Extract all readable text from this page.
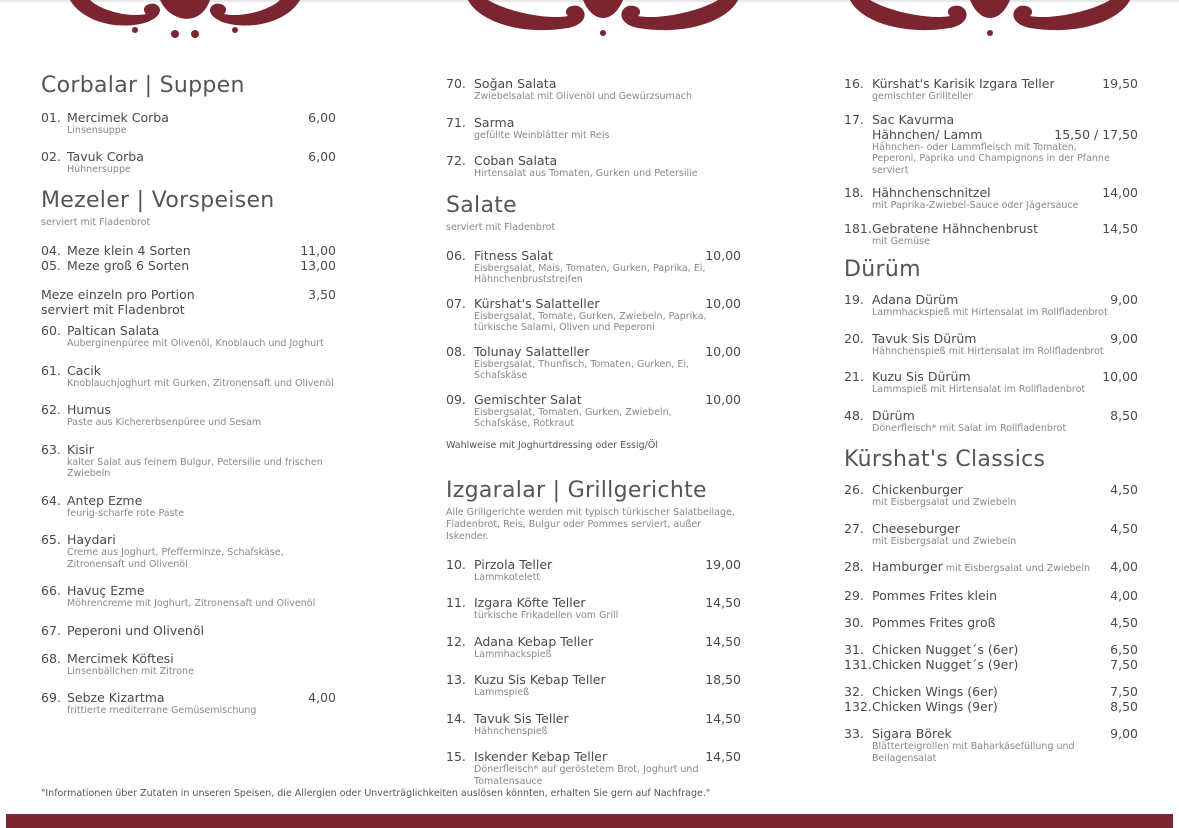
Corbalar | Suppen
01. Mercimek Corba	6,00
Linsensuppe
02. Tavuk Corba	6,00
Hühnersuppe
Mezeler | Vorspeisen
serviert mit Fladenbrot
04. Meze klein 4 Sorten	11,00
05. Meze groß 6 Sorten	13,00
Meze einzeln pro Portion	3,50
serviert mit Fladenbrot
60. Paltican Salata
Auberginenpüree mit Olivenöl, Knoblauch und Joghurt
61. Cacik
Knoblauchjoghurt mit Gurken, Zitronensaft und Olivenöl
62. Humus
Paste aus Kichererbsenpüree und Sesam
63. Kisir
kalter Salat aus feinem Bulgur, Petersilie und frischen Zwiebeln
64. Antep Ezme
feurig-scharfe rote Paste
65. Haydari
Creme aus Joghurt, Pfefferminze, Schafskäse, Zitronensaft und Olivenöl
66. Havuç Ezme
Möhrencreme mit Joghurt, Zitronensaft und Olivenöl
67. Peperoni und Olivenöl
68. Mercimek Köftesi
Linsenbällchen mit Zitrone
69. Sebze Kizartma	4,00
frittierte mediterrane Gemüsemischung
70. Soğan Salata
Zwiebelsalat mit Olivenöl und Gewürzsumach
71. Sarma
gefüllte Weinblätter mit Reis
72. Coban Salata
Hirtensalat aus Tomaten, Gurken und Petersilie
Salate
serviert mit Fladenbrot
06. Fitness Salat	10,00
Eisbergsalat, Mais, Tomaten, Gurken, Paprika, Ei, Hähnchenbruststreifen
07. Kürshat's Salatteller	10,00
Eisbergsalat, Tomate, Gurken, Zwiebeln, Paprika, türkische Salami, Oliven und Peperoni
08. Tolunay Salatteller	10,00
Eisbergsalat, Thunfisch, Tomaten, Gurken, Ei, Schafskäse
09. Gemischter Salat	10,00
Eisbergsalat, Tomaten, Gurken, Zwiebeln, Schafskäse, Rotkraut
Wahlweise mit Joghurtdressing oder Essig/Öl
Izgaralar | Grillgerichte
Alle Grillgerichte werden mit typisch türkischer Salatbeilage, Fladenbrot, Reis, Bulgur oder Pommes serviert, außer Iskender.
10. Pirzola Teller	19,00
Lammkotelett
11. Izgara Köfte Teller	14,50
türkische Frikadellen vom Grill
12. Adana Kebap Teller	14,50
Lammhackspieß
13. Kuzu Sis Kebap Teller	18,50
Lammspieß
14. Tavuk Sis Teller	14,50
Hähnchenspieß
15. Iskender Kebap Teller	14,50
Dönerfleisch* auf geröstetem Brot, Joghurt und Tomatensauce
16. Kürshat's Karisik Izgara Teller	19,50
gemischter Grillteller
17. Sac Kavurma
Hähnchen/ Lamm	15,50 / 17,50
Hähnchen- oder Lammfleisch mit Tomaten, Peperoni, Paprika und Champignons in der Pfanne serviert
18. Hähnchenschnitzel	14,00
mit Paprika-Zwiebel-Sauce oder Jägersauce
181. Gebratene Hähnchenbrust	14,50
mit Gemüse
Dürüm
19. Adana Dürüm	9,00
Lammhackspieß mit Hirtensalat im Rollfladenbrot
20. Tavuk Sis Dürüm	9,00
Hähnchenspieß mit Hirtensalat im Rollfladenbrot
21. Kuzu Sis Dürüm	10,00
Lammspieß mit Hirtensalat im Rollfladenbrot
48. Dürüm	8,50
Dönerfleisch* mit Salat im Rollfladenbrot
Kürshat's Classics
26. Chickenburger	4,50
mit Eisbergsalat und Zwiebeln
27. Cheeseburger	4,50
mit Eisbergsalat und Zwiebeln
28. Hamburger mit Eisbergsalat und Zwiebeln	4,00
29. Pommes Frites klein	4,00
30. Pommes Frites groß	4,50
31. Chicken Nugget´s (6er)	6,50
131. Chicken Nugget´s (9er)	7,50
32. Chicken Wings (6er)	7,50
132. Chicken Wings (9er)	8,50
33. Sigara Börek	9,00
Blätterteigrollen mit Baharkäsefüllung und Beilagensalat
"Informationen über Zutaten in unseren Speisen, die Allergien oder Unverträglichkeiten auslösen könnten, erhalten Sie gern auf Nachfrage."
